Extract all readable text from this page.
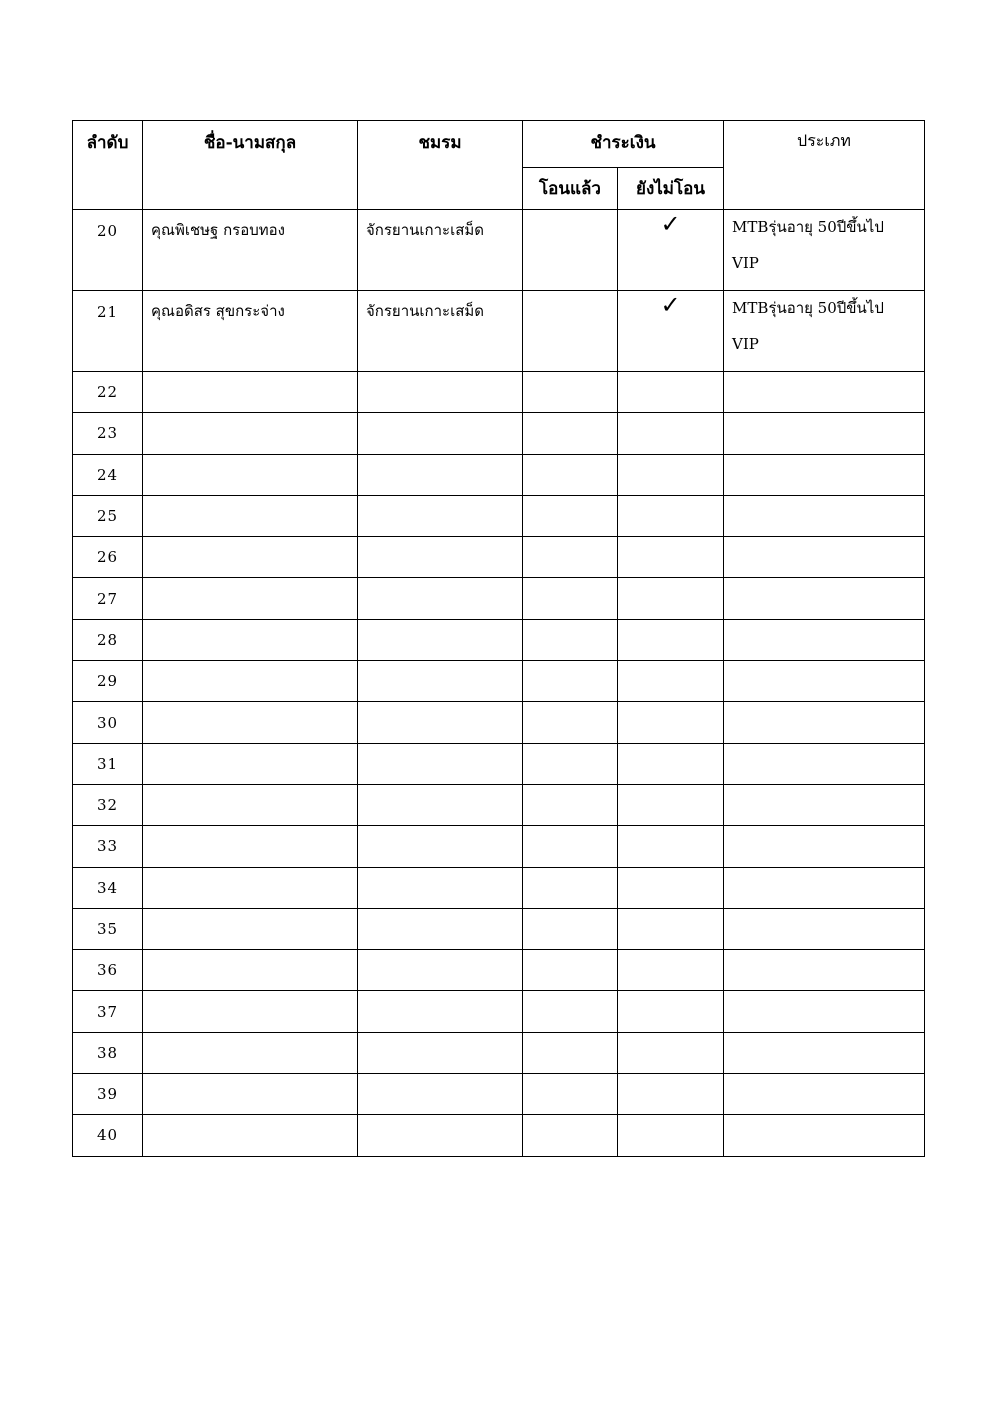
ลำดับ	ชื่อ-นามสกุล	ชมรม	ชำระเงิน		ประเภท
			โอนแล้ว	ยังไม่โอน	
20	คุณพิเชษฐ กรอบทอง	จักรยานเกาะเสม็ด		✓	MTBรุ่นอายุ 50ปีขึ้นไป
VIP

21	คุณอดิสร สุขกระจ่าง	จักรยานเกาะเสม็ด		✓	MTBรุ่นอายุ 50ปีขึ้นไป
VIP

22					
23					
24					
25					
26					
27					
28					
29					
30					
31					
32					
33					
34					
35					
36					
37					
38					
39					
40					
